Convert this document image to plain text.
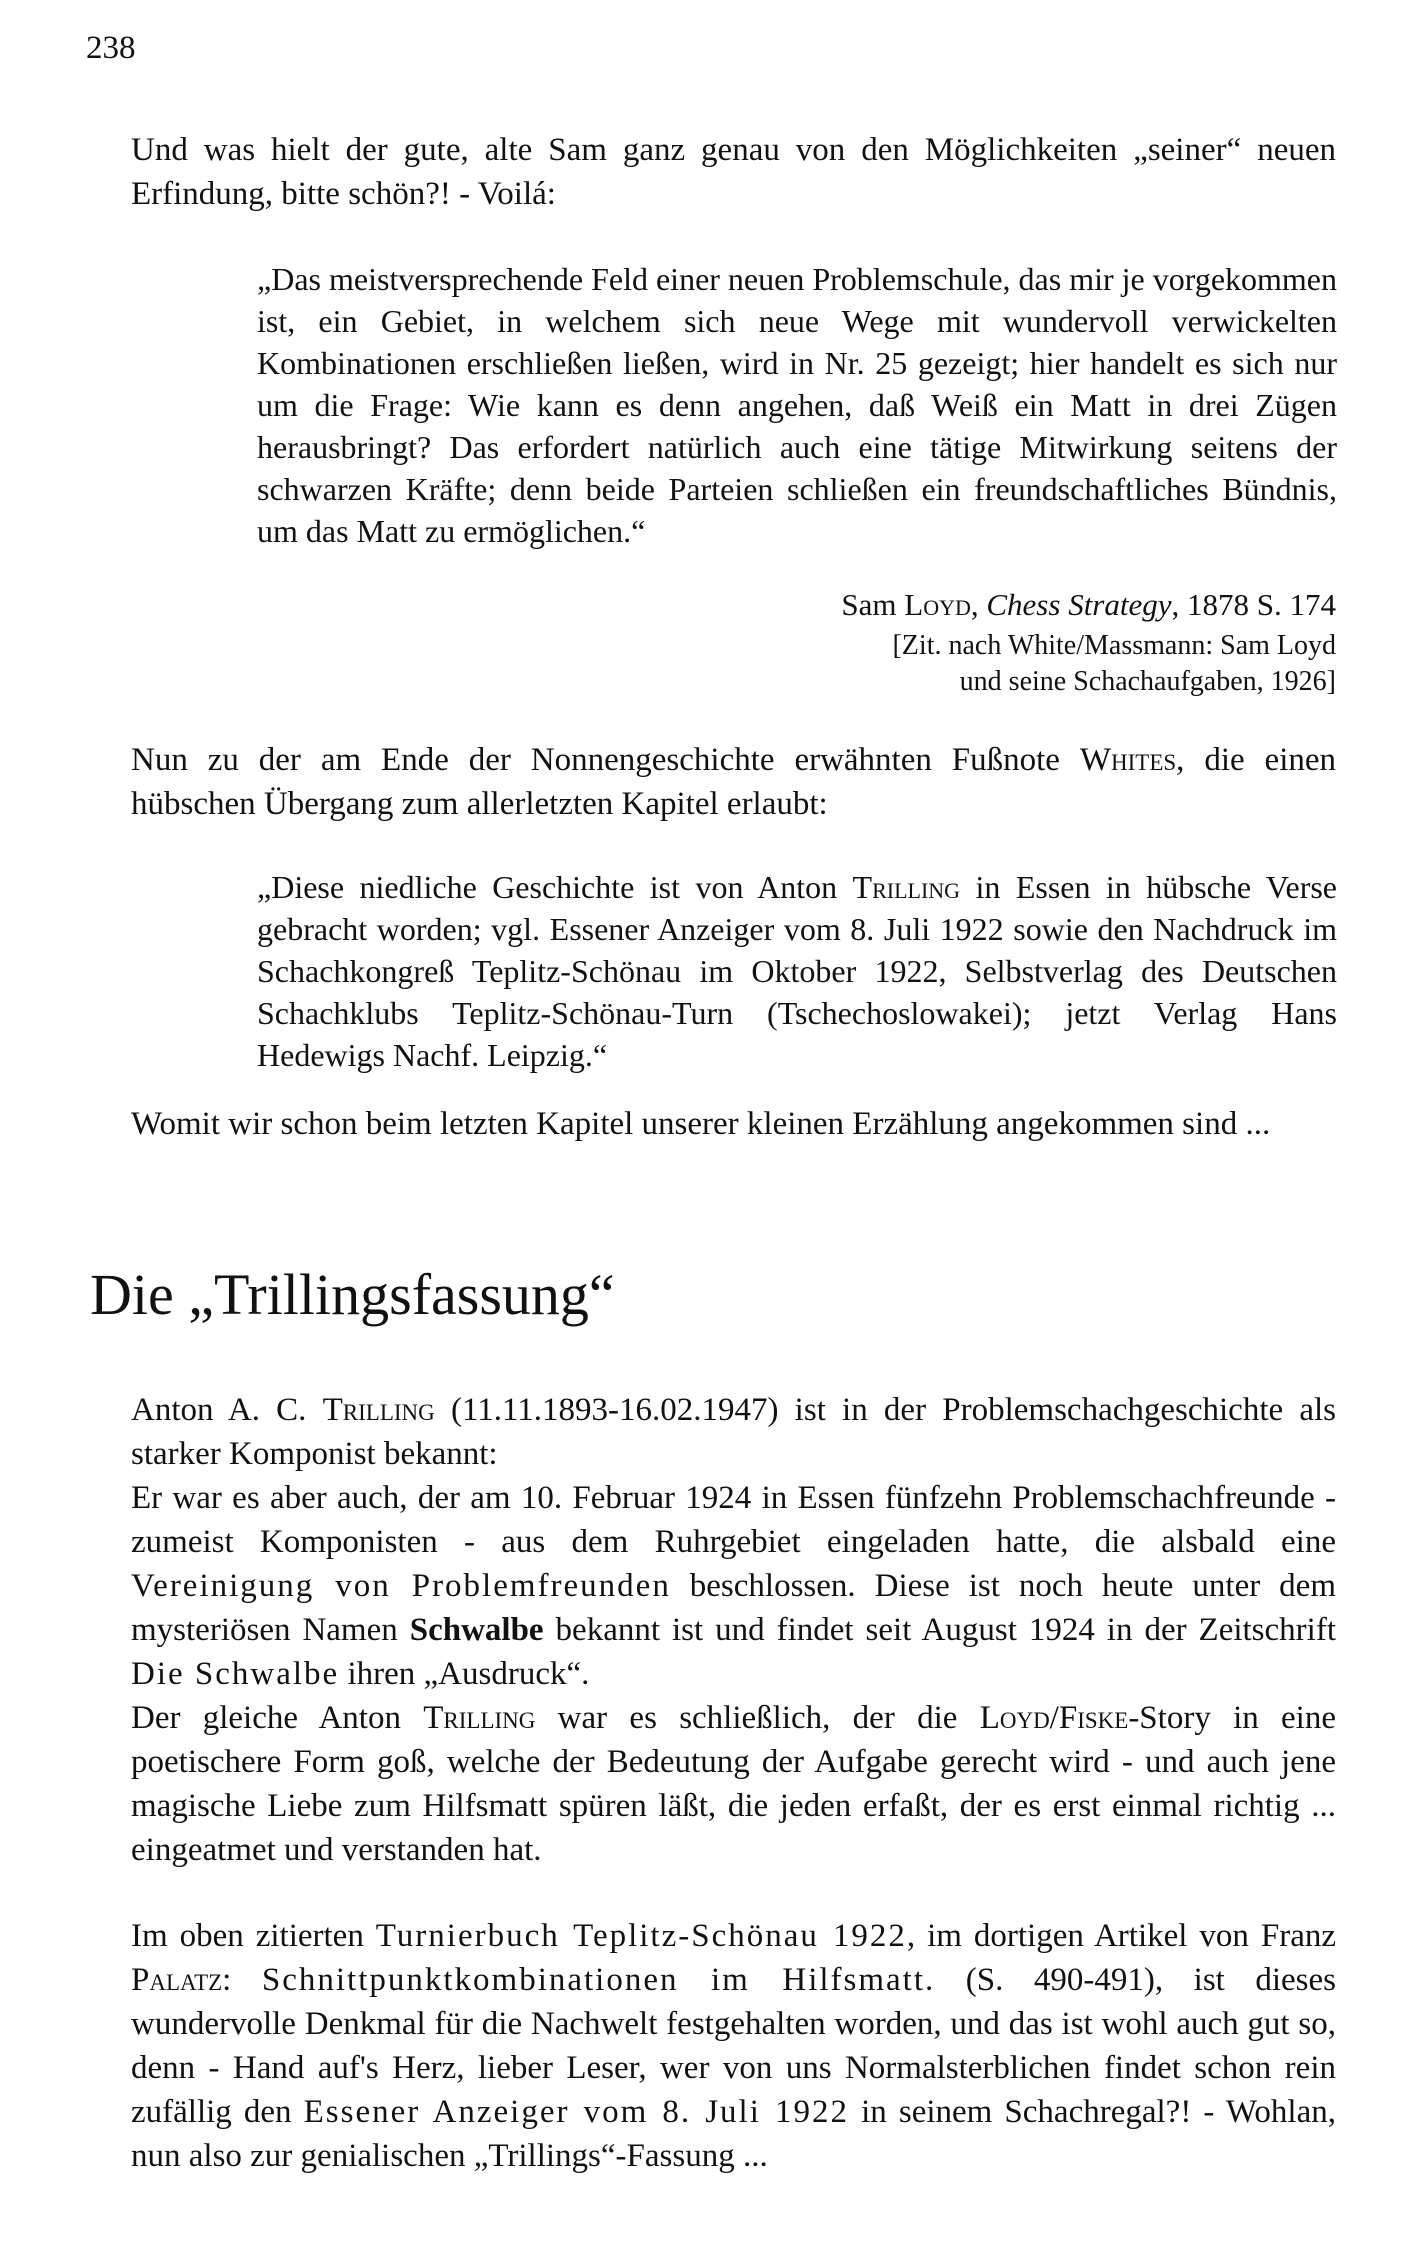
238

Und was hielt der gute, alte Sam ganz genau von den Möglichkeiten „seiner“ neuen Erfindung, bitte schön?! - Voilá:

„Das meistversprechende Feld einer neuen Problemschule, das mir je vorgekommen ist, ein Gebiet, in welchem sich neue Wege mit wundervoll verwickelten Kombinationen erschließen ließen, wird in Nr. 25 gezeigt; hier handelt es sich nur um die Frage: Wie kann es denn angehen, daß Weiß ein Matt in drei Zügen herausbringt? Das erfordert natürlich auch eine tätige Mitwirkung seitens der schwarzen Kräfte; denn beide Parteien schließen ein freundschaftliches Bündnis, um das Matt zu ermöglichen.“

Sam Loyd, Chess Strategy, 1878 S. 174
[Zit. nach White/Massmann: Sam Loyd
und seine Schachaufgaben, 1926]

Nun zu der am Ende der Nonnengeschichte erwähnten Fußnote Whites, die einen hübschen Übergang zum allerletzten Kapitel erlaubt:

„Diese niedliche Geschichte ist von Anton Trilling in Essen in hübsche Verse gebracht worden; vgl. Essener Anzeiger vom 8. Juli 1922 sowie den Nachdruck im Schachkongreß Teplitz-Schönau im Oktober 1922, Selbstverlag des Deutschen Schachklubs Teplitz-Schönau-Turn (Tschechoslowakei); jetzt Verlag Hans Hedewigs Nachf. Leipzig.“

Womit wir schon beim letzten Kapitel unserer kleinen Erzählung angekommen sind ...

Die „Trillingsfassung“

Anton A. C. Trilling (11.11.1893-16.02.1947) ist in der Problemschachgeschichte als starker Komponist bekannt:

Er war es aber auch, der am 10. Februar 1924 in Essen fünfzehn Problemschachfreunde - zumeist Komponisten - aus dem Ruhrgebiet eingeladen hatte, die alsbald eine Vereinigung von Problemfreunden beschlossen. Diese ist noch heute unter dem mysteriösen Namen Schwalbe bekannt ist und findet seit August 1924 in der Zeitschrift Die Schwalbe ihren „Ausdruck“.

Der gleiche Anton Trilling war es schließlich, der die Loyd/Fiske-Story in eine poetischere Form goß, welche der Bedeutung der Aufgabe gerecht wird - und auch jene magische Liebe zum Hilfsmatt spüren läßt, die jeden erfaßt, der es erst einmal richtig ... eingeatmet und verstanden hat.

Im oben zitierten Turnierbuch Teplitz-Schönau 1922, im dortigen Artikel von Franz Palatz: Schnittpunktkombinationen im Hilfsmatt. (S. 490-491), ist dieses wundervolle Denkmal für die Nachwelt festgehalten worden, und das ist wohl auch gut so, denn - Hand auf's Herz, lieber Leser, wer von uns Normalsterblichen findet schon rein zufällig den Essener Anzeiger vom 8. Juli 1922 in seinem Schachregal?! - Wohlan, nun also zur genialischen „Trillings“-Fassung ...
